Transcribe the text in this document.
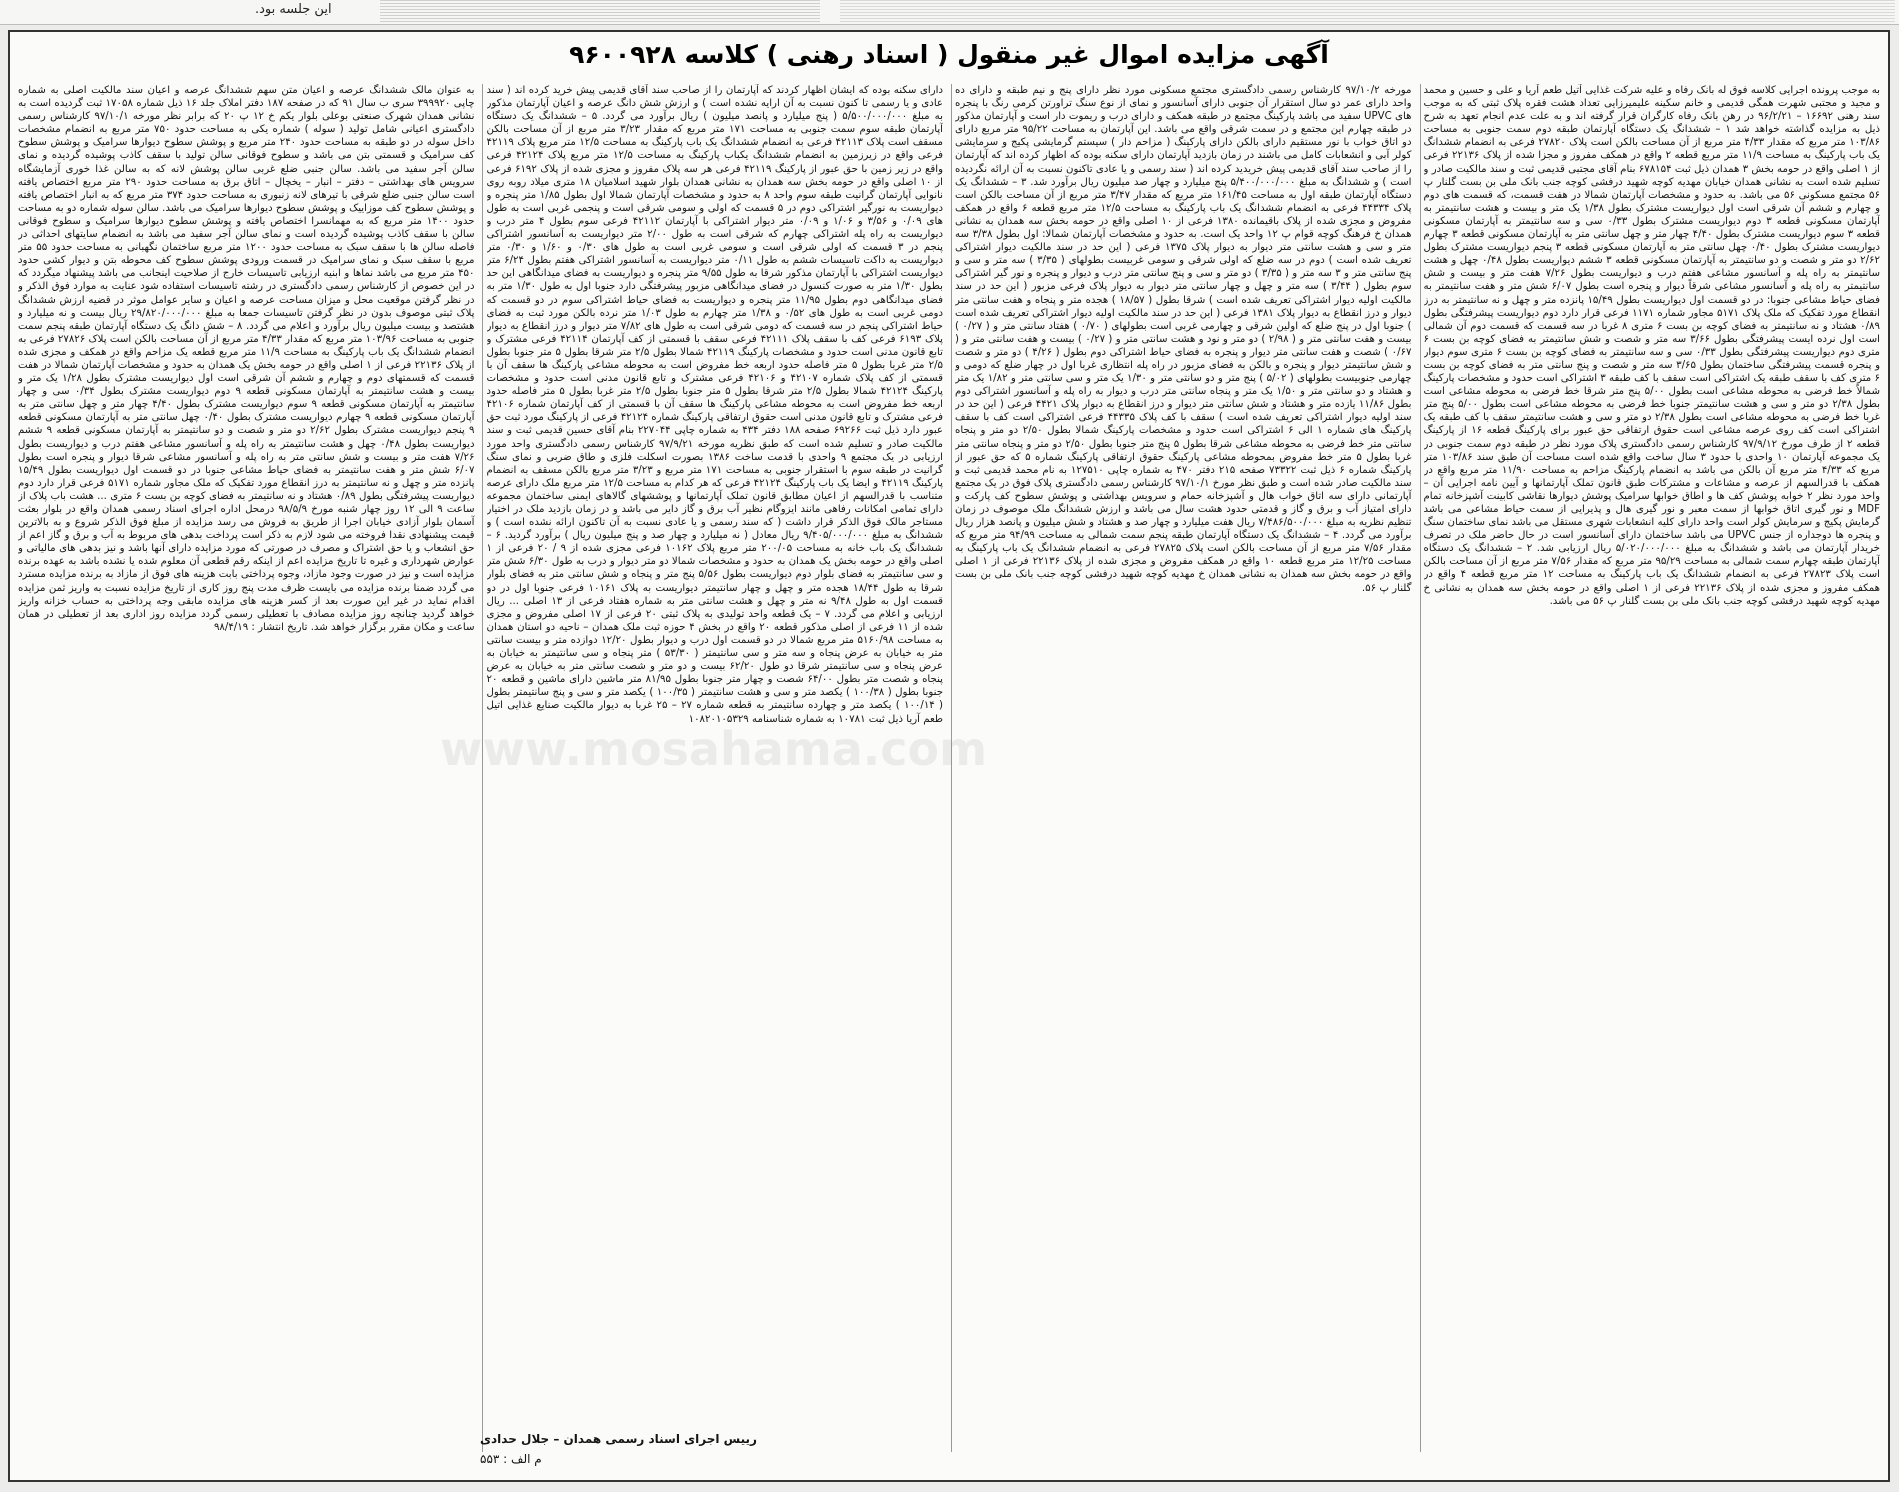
این جلسه بود.
آگهی مزایده اموال غیر منقول ( اسناد رهنی ) کلاسه ۹۶۰۰۹۲۸

به موجب پرونده اجرایی کلاسه فوق له بانک رفاه و علیه شرکت غذایی آتیل طعم آریا و علی و حسین و محمد و مجید و مجتبی شهرت همگی قدیمی و خانم سکینه علیمیرزایی تعداد هشت فقره پلاک ثبتی که به موجب سند رهنی ۱۶۶۹۲ – ۹۶/۲/۲۱ در رهن بانک رفاه کارگران قرار گرفته اند و به علت عدم انجام تعهد به شرح ذیل به مزایده گذاشته خواهد شد ۱ – ششدانگ یک دستگاه آپارتمان طبقه دوم سمت جنوبی به مساحت ۱۰۳/۸۶ متر مربع که مقدار ۴/۳۳ متر مربع از آن مساحت بالکن است پلاک ۲۷۸۲۰ فرعی به انضمام ششدانگ یک باب پارکینگ به مساحت ۱۱/۹ متر مربع قطعه ۲ واقع در همکف مفروز و مجزا شده از پلاک ۲۲۱۳۶ فرعی از ۱ اصلی واقع در حومه بخش ۳ همدان ذیل ثبت ۶۷۸۱۵۴ بنام آقای مجتبی قدیمی ثبت و سند مالکیت صادر و تسلیم شده است به نشانی همدان خیابان مهدیه کوچه شهید درفشی کوچه جنب بانک ملی بن بست گلنار پ ۵۶ مجتمع مسکونی ۵۶ می باشد. به حدود و مشخصات آپارتمان شمالا در هفت قسمت، که قسمت های دوم و چهارم و ششم آن شرقی است اول دیواریست مشترک بطول ۱/۳۸ یک متر و بیست و هشت سانتیمتر به آپارتمان مسکونی قطعه ۳ دوم دیواریست مشترک بطول ۰/۳۳ سی و سه سانتیمتر به آپارتمان مسکونی قطعه ۳ سوم دیواریست مشترک بطول ۴/۴۰ چهار متر و چهل سانتی متر به آپارتمان مسکونی قطعه ۳ چهارم دیواریست مشترک بطول ۰/۴۰ چهل سانتی متر به آپارتمان مسکونی قطعه ۳ پنجم دیواریست مشترک بطول ۲/۶۲ دو متر و شصت و دو سانتیمتر به آپارتمان مسکونی قطعه ۳ ششم دیواریست بطول ۰/۴۸ چهل و هشت سانتیمتر به راه پله و آسانسور مشاعی هفتم درب و دیواریست بطول ۷/۲۶ هفت متر و بیست و شش سانتیمتر به راه پله و آسانسور مشاعی شرقاً دیوار و پنجره است بطول ۶/۰۷ شش متر و هفت سانتیمتر به فضای حیاط مشاعی جنوبا: در دو قسمت اول دیواریست بطول ۱۵/۴۹ پانزده متر و چهل و نه سانتیمتر به درز انقطاع مورد تفکیک که ملک پلاک ۵۱۷۱ مجاور شماره ۱۱۷۱ فرعی قرار دارد دوم دیواریست پیشرفتگی بطول ۰/۸۹ هشتاد و نه سانتیمتر به فضای کوچه بن بست ۶ متری ۸ غربا در سه قسمت که قسمت دوم آن شمالی است اول نرده ایست پیشرفتگی بطول ۳/۶۶ سه متر و شصت و شش سانتیمتر به فضای کوچه بن بست ۶ متری دوم دیواریست پیشرفتگی بطول ۰/۳۳ سی و سه سانتیمتر به فضای کوچه بن بست ۶ متری سوم دیوار و پنجره قسمت پیشرفتگی ساختمان بطول ۳/۶۵ سه متر و شصت و پنج سانتی متر به فضای کوچه بن بست ۶ متری کف با سقف طبقه یک اشتراکی است سقف با کف طبقه ۳ اشتراکی است حدود و مشخصات پارکینگ شمالاً خط فرضی به محوطه مشاعی است بطول ۵/۰۰ پنج متر شرقا خط فرضی به محوطه مشاعی است بطول ۲/۳۸ دو متر و سی و هشت سانتیمتر جنوبا خط فرضی به محوطه مشاعی است بطول ۵/۰۰ پنج متر غربا خط فرضی به محوطه مشاعی است بطول ۲/۳۸ دو متر و سی و هشت سانتیمتر سقف با کف طبقه یک اشتراکی است کف روی عرصه مشاعی است حقوق ارتفاقی حق عبور برای پارکینگ قطعه ۱۶ از پارکینگ قطعه ۲ از طرف مورخ ۹۷/۹/۱۲ کارشناس رسمی دادگستری پلاک مورد نظر در طبقه دوم سمت جنوبی در یک مجموعه آپارتمان ۱۰ واحدی با حدود ۳ سال ساخت واقع شده است مساحت آن طبق سند ۱۰۳/۸۶ متر مربع که ۴/۳۳ متر مربع آن بالکن می باشد به انضمام پارکینگ مزاحم به مساحت ۱۱/۹۰ متر مربع واقع در همکف با قدرالسهم از عرصه و مشاعات و مشترکات طبق قانون تملک آپارتمانها و آیین نامه اجرایی آن – واحد مورد نظر ۲ خوابه پوشش کف ها و اطاق خوابها سرامیک پوشش دیوارها نقاشی کابینت آشپزخانه تمام MDF و نور گیری اتاق خوابها از سمت معبر و نور گیری هال و پذیرایی از سمت حیاط مشاعی می باشد گرمایش پکیج و سرمایش کولر است واحد دارای کلیه انشعابات شهری مستقل می باشد نمای ساختمان سنگ و پنجره ها دوجداره از جنس UPVC می باشد ساختمان دارای آسانسور است در حال حاضر ملک در تصرف خریدار آپارتمان می باشد و ششدانگ به مبلغ ۵/۰۲۰/۰۰۰/۰۰۰ ریال ارزیابی شد. ۲ – ششدانگ یک دستگاه آپارتمان طبقه چهارم سمت شمالی به مساحت ۹۵/۲۹ متر مربع که مقدار ۷/۵۶ متر مربع از آن مساحت بالکن است پلاک ۲۷۸۲۳ فرعی به انضمام ششدانگ یک باب پارکینگ به مساحت ۱۲ متر مربع قطعه ۴ واقع در همکف مفروز و مجزی شده از پلاک ۲۲۱۳۶ فرعی از ۱ اصلی واقع در حومه بخش سه همدان به نشانی خ مهدیه کوچه شهید درفشی کوچه جنب بانک ملی بن بست گلنار پ ۵۶ می باشد.

مورخه ۹۷/۱۰/۲ کارشناس رسمی دادگستری مجتمع مسکونی مورد نظر دارای پنج و نیم طبقه و دارای ده واحد دارای عمر دو سال استقرار آن جنوبی دارای آسانسور و نمای از نوع سنگ تراورتن کرمی رنگ با پنجره های UPVC سفید می باشد پارکینگ مجتمع در طبقه همکف و دارای درب و ریموت دار است و آپارتمان مذکور در طبقه چهارم این مجتمع و در سمت شرقی واقع می باشد. این آپارتمان به مساحت ۹۵/۲۲ متر مربع دارای دو اتاق خواب با نور مستقیم دارای بالکن دارای پارکینگ ( مزاحم دار ) سیستم گرمایشی پکیج و سرمایشی کولر آبی و انشعابات کامل می باشند در زمان بازدید آپارتمان دارای سکنه بوده که اظهار کرده اند که آپارتمان را از صاحب سند آقای قدیمی پیش خریدید کرده اند ( سند رسمی و یا عادی تاکنون نسبت به آن ارائه نگردیده است ) و ششدانگ به مبلغ ۵/۴۰۰/۰۰۰/۰۰۰ پنج میلیارد و چهار صد میلیون ریال برآورد شد. ۳ – ششدانگ یک دستگاه آپارتمان طبقه اول به مساحت ۱۶۱/۴۵ متر مربع که مقدار ۳/۴۷ متر مربع از آن مساحت بالکن است پلاک ۴۴۳۳۴ فرعی به انضمام ششدانگ یک باب پارکینگ به مساحت ۱۲/۵ متر مربع قطعه ۶ واقع در همکف مفروض و مجزی شده از پلاک باقیمانده ۱۳۸۰ فرعی از ۱۰ اصلی واقع در حومه بخش سه همدان به نشانی همدان خ فرهنگ کوچه قوام پ ۱۲ واحد یک است. به حدود و مشخصات آپارتمان شمالا: اول بطول ۳/۳۸ سه متر و سی و هشت سانتی متر دیوار به دیوار پلاک ۱۳۷۵ فرعی ( این حد در سند مالکیت دیوار اشتراکی تعریف شده است ) دوم در سه ضلع که اولی شرقی و سومی غربیست بطولهای ( ۳/۳۵ ) سه متر و سی و پنج سانتی متر و ۳ سه متر و ( ۳/۳۵ ) دو متر و سی و پنج سانتی متر درب و دیوار و پنجره و نور گیر اشتراکی سوم بطول ( ۳/۴۴ ) سه متر و چهل و چهار سانتی متر دیوار به دیوار پلاک فرعی مزبور ( این حد در سند مالکیت اولیه دیوار اشتراکی تعریف شده است ) شرقا بطول ( ۱۸/۵۷ ) هجده متر و پنجاه و هفت سانتی متر دیوار و درز انقطاع به دیوار پلاک ۱۳۸۱ فرعی ( این حد در سند مالکیت اولیه دیوار اشتراکی تعریف شده است ) جنوبا اول در پنج ضلع که اولین شرقی و چهارمی غربی است بطولهای ( ۰/۷۰ ) هفتاد سانتی متر و ( ۰/۲۷ ) بیست و هفت سانتی متر و ( ۲/۹۸ ) دو متر و نود و هشت سانتی متر و ( ۰/۲۷ ) بیست و هفت سانتی متر و ( ۰/۶۷ ) شصت و هفت سانتی متر دیوار و پنجره به فضای حیاط اشتراکی دوم بطول ( ۴/۲۶ ) دو متر و شصت و شش سانتیمتر دیوار و پنجره و بالکن به فضای مزبور در راه پله انتظاری غربا اول در چهار ضلع که دومی و چهارمی جنوبیست بطولهای ( ۵/۰۲ ) پنج متر و دو سانتی متر و ۱/۳۰ یک متر و سی سانتی متر و ۱/۸۲ یک متر و هشتاد و دو سانتی متر و ۱/۵۰ یک متر و پنجاه سانتی متر درب و دیوار به راه پله و آسانسور اشتراکی دوم بطول ۱۱/۸۶ یازده متر و هشتاد و شش سانتی متر دیوار و درز انقطاع به دیوار پلاک ۴۴۲۱ فرعی ( این حد در سند اولیه دیوار اشتراکی تعریف شده است ) سقف با کف پلاک ۴۴۳۳۵ فرعی اشتراکی است کف با سقف پارکینگ های شماره ۱ الی ۶ اشتراکی است حدود و مشخصات پارکینگ شمالا بطول ۲/۵۰ دو متر و پنجاه سانتی متر خط فرضی به محوطه مشاعی شرقا بطول ۵ پنج متر جنوبا بطول ۲/۵۰ دو متر و پنجاه سانتی متر غربا بطول ۵ متر خط مفروض بمحوطه مشاعی پارکینگ حقوق ارتفاقی پارکینگ شماره ۵ که حق عبور از پارکینگ شماره ۶ ذیل ثبت ۷۳۳۲۲ صفحه ۲۱۵ دفتر ۴۷۰ به شماره چاپی ۱۲۷۵۱۰ به نام محمد قدیمی ثبت و سند مالکیت صادر شده است و طبق نظر مورخ ۹۷/۱۰/۱ کارشناس رسمی دادگستری پلاک فوق در یک مجتمع آپارتمانی دارای سه اتاق خواب هال و آشپزخانه حمام و سرویس بهداشتی و پوشش سطوح کف پارکت و دارای امتیاز آب و برق و گاز و قدمتی حدود هشت سال می باشد و ارزش ششدانگ ملک موصوف در زمان تنظیم نظریه به مبلغ ۷/۴۸۶/۵۰۰/۰۰۰ ریال هفت میلیارد و چهار صد و هشتاد و شش میلیون و پانصد هزار ریال برآورد می گردد. ۴ – ششدانگ یک دستگاه آپارتمان طبقه پنجم سمت شمالی به مساحت ۹۴/۹۹ متر مربع که مقدار ۷/۵۶ متر مربع از آن مساحت بالکن است پلاک ۲۷۸۲۵ فرعی به انضمام ششدانگ یک باب پارکینگ به مساحت ۱۲/۲۵ متر مربع قطعه ۱۰ واقع در همکف مفروض و مجزی شده از پلاک ۲۲۱۳۶ فرعی از ۱ اصلی واقع در حومه بخش سه همدان به نشانی همدان خ مهدیه کوچه شهید درفشی کوچه جنب بانک ملی بن بست گلنار پ ۵۶.

دارای سکنه بوده که ایشان اظهار کردند که آپارتمان را از صاحب سند آقای قدیمی پیش خرید کرده اند ( سند عادی و یا رسمی تا کنون نسبت به آن ارایه نشده است ) و ارزش شش دانگ عرصه و اعیان آپارتمان مذکور به مبلغ ۵/۵۰۰/۰۰۰/۰۰۰ ( پنج میلیارد و پانصد میلیون ) ریال برآورد می گردد. ۵ – ششدانگ یک دستگاه آپارتمان طبقه سوم سمت جنوبی به مساحت ۱۷۱ متر مربع که مقدار ۳/۲۳ متر مربع از آن مساحت بالکن مسقف است پلاک ۴۲۱۱۳ فرعی به انضمام ششدانگ یک باب پارکینگ به مساحت ۱۲/۵ متر مربع پلاک ۴۲۱۱۹ فرعی واقع در زیرزمین به انضمام ششدانگ یکباب پارکینگ به مساحت ۱۲/۵ متر مربع پلاک ۴۲۱۲۴ فرعی واقع در زیر زمین با حق عبور از پارکینگ ۴۲۱۱۹ فرعی هر سه پلاک مفروز و مجزی شده از پلاک ۶۱۹۲ فرعی از ۱۰ اصلی واقع در حومه بخش سه همدان به نشانی همدان بلوار شهید اسلامیان ۱۸ متری میلاد روبه روی نانوایی آپارتمان گرانیت طبقه سوم واحد ۸ به حدود و مشخصات آپارتمان شمالا اول بطول ۱/۸۵ متر پنجره و دیواریست به نورگیر اشتراکی دوم در ۵ قسمت که اولی و سومی شرقی است و پنجمی غربی است به طول های ۰/۰۹ و ۳/۵۶ و ۱/۰۶ و ۰/۰۹ متر دیوار اشتراکی با آپارتمان ۴۲۱۱۲ فرعی سوم بطول ۴ متر درب و دیواریست به راه پله اشتراکی چهارم که شرقی است به طول ۲/۰۰ متر دیواریست به آسانسور اشتراکی پنجم در ۳ قسمت که اولی شرقی است و سومی غربی است به طول های ۰/۳۰ و ۱/۶۰ و ۰/۳۰ متر دیواریست به داکت تاسیسات ششم به طول ۰/۱۱ متر دیواریست به آسانسور اشتراکی هفتم بطول ۶/۲۴ متر دیواریست اشتراکی با آپارتمان مذکور شرقا به طول ۹/۵۵ متر پنجره و دیواریست به فضای میدانگاهی این حد بطول ۱/۳۰ متر به صورت کنسول در فضای میدانگاهی مزبور پیشرفتگی دارد جنوبا اول به طول ۱/۳۰ متر به فضای میدانگاهی دوم بطول ۱۱/۹۵ متر پنجره و دیواریست به فضای حیاط اشتراکی سوم در دو قسمت که دومی غربی است به طول های ۰/۵۲ و ۱/۳۸ متر چهارم به طول ۱/۰۳ متر نرده بالکن مورد ثبت به فضای حیاط اشتراکی پنجم در سه قسمت که دومی شرقی است به طول های ۷/۸۲ متر دیوار و درز انقطاع به دیوار پلاک ۶۱۹۳ فرعی کف با سقف پلاک ۴۲۱۱۱ فرعی سقف با قسمتی از کف آپارتمان ۴۲۱۱۴ فرعی مشترک و تابع قانون مدنی است حدود و مشخصات پارکینگ ۴۲۱۱۹ شمالا بطول ۲/۵ متر شرقا بطول ۵ متر جنوبا بطول ۲/۵ متر غربا بطول ۵ متر فاصله حدود اربعه خط مفروض است به محوطه مشاعی پارکینگ ها سقف آن با قسمتی از کف پلاک شماره ۴۲۱۰۷ و ۴۲۱۰۶ فرعی مشترک و تابع قانون مدنی است حدود و مشخصات پارکینگ ۴۲۱۲۴ شمالا بطول ۲/۵ متر شرقا بطول ۵ متر جنوبا بطول ۲/۵ متر غربا بطول ۵ متر فاصله حدود اربعه خط مفروض است به محوطه مشاعی پارکینگ ها سقف آن با قسمتی از کف آپارتمان شماره ۴۲۱۰۶ فرعی مشترک و تابع قانون مدنی است حقوق ارتفاقی پارکینگ شماره ۴۲۱۲۴ فرعی از پارکینگ مورد ثبت حق عبور دارد ذیل ثبت ۶۹۲۶۶ صفحه ۱۸۸ دفتر ۴۳۴ به شماره چاپی ۲۲۷۰۴۴ بنام آقای حسین قدیمی ثبت و سند مالکیت صادر و تسلیم شده است که طبق نظریه مورخه ۹۷/۹/۲۱ کارشناس رسمی دادگستری واحد مورد ارزیابی در یک مجتمع ۹ واحدی با قدمت ساخت ۱۳۸۶ بصورت اسکلت فلزی و طاق ضربی و نمای سنگ گرانیت در طبقه سوم با استقرار جنوبی به مساحت ۱۷۱ متر مربع و ۳/۲۳ متر مربع بالکن مسقف به انضمام پارکینگ ۴۲۱۱۹ و ایضا یک باب پارکینگ ۴۲۱۲۴ فرعی که هر کدام به مساحت ۱۲/۵ متر مربع ملک دارای عرصه متناسب با قدرالسهم از اعیان مطابق قانون تملک آپارتمانها و پوششهای گالاهای ایمنی ساختمان مجموعه دارای تمامی امکانات رفاهی مانند ایزوگام نظیر آب برق و گاز دایر می باشد و در زمان بازدید ملک در اختیار مستاجر مالک فوق الذکر قرار داشت ( که سند رسمی و یا عادی نسبت به آن تاکنون ارائه نشده است ) و ششدانگ به مبلغ ۹/۴۰۵/۰۰۰/۰۰۰ ریال معادل ( نه میلیارد و چهار صد و پنج میلیون ریال ) برآورد گردید. ۶ – ششدانگ یک باب خانه به مساحت ۲۰۰/۰۵ متر مربع پلاک ۱۰۱۶۲ فرعی مجزی شده از ۹ / ۲۰ فرعی از ۱ اصلی واقع در حومه بخش یک همدان به حدود و مشخصات شمالا دو متر دیوار و درب به طول ۶/۳۰ شش متر و سی سانتیمتر به فضای بلوار دوم دیواریست بطول ۵/۵۶ پنج متر و پنجاه و شش سانتی متر به فضای بلوار شرقا به طول ۱۸/۴۴ هجده متر و چهل و چهار سانتیمتر دیواریست به پلاک ۱۰۱۶۱ فرعی جنوبا اول در دو قسمت اول به طول ۹/۴۸ نه متر و چهل و هشت سانتی متر به شماره هفتاد فرعی از ۱۳ اصلی ... ریال ارزیابی و اعلام می گردد. ۷ – یک قطعه واحد تولیدی به پلاک ثبتی ۲۰ فرعی از ۱۷ اصلی مفروض و مجزی شده از ۱۱ فرعی از اصلی مذکور قطعه ۲۰ واقع در بخش ۴ حوزه ثبت ملک همدان – ناحیه دو استان همدان به مساحت ۵۱۶۰/۹۸ متر مربع شمالا در دو قسمت اول درب و دیوار بطول ۱۲/۲۰ دوازده متر و بیست سانتی متر به خیابان به عرض پنجاه و سه متر و سی سانتیمتر ( ۵۳/۳۰ ) متر پنجاه و سی سانتیمتر به خیابان به عرض پنجاه و سی سانتیمتر شرقا دو طول ۶۲/۲۰ بیست و دو متر و شصت سانتی متر به خیابان به عرض پنجاه و شصت متر بطول ۶۴/۰۰ شصت و چهار متر جنوبا بطول ۸۱/۹۵ متر ماشین دارای ماشین و قطعه ۲۰ جنوبا بطول ( ۱۰۰/۳۸ ) یکصد متر و سی و هشت سانتیمتر ( ۱۰۰/۳۵ ) یکصد متر و سی و پنج سانتیمتر بطول ( ۱۰۰/۱۴ ) یکصد متر و چهارده سانتیمتر به قطعه شماره ۲۷ – ۲۵ غربا به دیوار مالکیت صنایع غذایی اتیل طعم آریا ذیل ثبت ۱۰۷۸۱ به شماره شناسنامه ۱۰۸۲۰۱۰۵۳۲۹

به عنوان مالک ششدانگ عرصه و اعیان متن سهم ششدانگ عرصه و اعیان سند مالکیت اصلی به شماره چاپی ۳۹۹۹۲۰ سری ب سال ۹۱ که در صفحه ۱۸۷ دفتر املاک جلد ۱۶ ذیل شماره ۱۷۰۵۸ ثبت گردیده است به نشانی همدان شهرک صنعتی بوعلی بلوار یکم خ ۱۲ پ ۲۰ که برابر نظر مورخه ۹۷/۱۰/۱ کارشناس رسمی دادگستری اعیانی شامل تولید ( سوله ) شماره یکی به مساحت حدود ۷۵۰ متر مربع به انضمام مشخصات داخل سوله در دو طبقه به مساحت حدود ۲۴۰ متر مربع و پوشش سطوح دیوارها سرامیک و پوشش سطوح کف سرامیک و قسمتی بتن می باشد و سطوح فوقانی سالن تولید با سقف کاذب پوشیده گردیده و نمای سالن آجر سفید می باشد. سالن جنبی ضلع غربی سالن پوشش لانه که به سالن غذا خوری آزمایشگاه سرویس های بهداشتی – دفتر – انبار – یخچال – اتاق برق به مساحت حدود ۲۹۰ متر مربع اختصاص یافته است سالن جنبی ضلع شرقی با تیرهای لانه زنبوری به مساحت حدود ۳۷۴ متر مربع که به انبار اختصاص یافته و پوشش سطوح کف موزاییک و پوشش سطوح دیوارها سرامیک می باشد. سالن سوله شماره دو به مساحت حدود ۱۴۰۰ متر مربع که به مهمانسرا اختصاص یافته و پوشش سطوح دیوارها سرامیک و سطوح فوقانی سالن با سقف کاذب پوشیده گردیده است و نمای سالن آجر سفید می باشد به انضمام سایتهای احداثی در فاصله سالن ها با سقف سبک به مساحت حدود ۱۲۰۰ متر مربع ساختمان نگهبانی به مساحت حدود ۵۵ متر مربع با سقف سبک و نمای سرامیک در قسمت ورودی پوشش سطوح کف محوطه بتن و دیوار کشی حدود ۴۵۰ متر مربع می باشد نماها و ابنیه ارزیابی تاسیسات خارج از صلاحیت اینجانب می باشد پیشنهاد میگردد که در این خصوص از کارشناس رسمی دادگستری در رشته تاسیسات استفاده شود عنایت به موارد فوق الذکر و در نظر گرفتن موقعیت محل و میزان مساحت عرصه و اعیان و سایر عوامل موثر در قضیه ارزش ششدانگ پلاک ثبتی موصوف بدون در نظر گرفتن تاسیسات جمعا به مبلغ ۲۹/۸۲۰/۰۰۰/۰۰۰ ریال بیست و نه میلیارد و هشتصد و بیست میلیون ریال برآورد و اعلام می گردد. ۸ – شش دانگ یک دستگاه آپارتمان طبقه پنجم سمت جنوبی به مساحت ۱۰۳/۹۶ متر مربع که مقدار ۴/۳۳ متر مربع از آن مساحت بالکن است پلاک ۲۷۸۲۶ فرعی به انضمام ششدانگ یک باب پارکینگ به مساحت ۱۱/۹ متر مربع قطعه یک مزاحم واقع در همکف و مجزی شده از پلاک ۲۲۱۳۶ فرعی از ۱ اصلی واقع در حومه بخش یک همدان به حدود و مشخصات آپارتمان شمالا در هفت قسمت که قسمتهای دوم و چهارم و ششم آن شرقی است اول دیواریست مشترک بطول ۱/۲۸ یک متر و بیست و هشت سانتیمتر به آپارتمان مسکونی قطعه ۹ دوم دیواریست مشترک بطول ۰/۳۴ سی و چهار سانتیمتر به آپارتمان مسکونی قطعه ۹ سوم دیواریست مشترک بطول ۴/۴۰ چهار متر و چهل سانتی متر به آپارتمان مسکونی قطعه ۹ چهارم دیواریست مشترک بطول ۰/۴۰ چهل سانتی متر به آپارتمان مسکونی قطعه ۹ پنجم دیواریست مشترک بطول ۲/۶۲ دو متر و شصت و دو سانتیمتر به آپارتمان مسکونی قطعه ۹ ششم دیواریست بطول ۰/۴۸ چهل و هشت سانتیمتر به راه پله و آسانسور مشاعی هفتم درب و دیواریست بطول ۷/۲۶ هفت متر و بیست و شش سانتی متر به راه پله و آسانسور مشاعی شرقا دیوار و پنجره است بطول ۶/۰۷ شش متر و هفت سانتیمتر به فضای حیاط مشاعی جنوبا در دو قسمت اول دیواریست بطول ۱۵/۴۹ پانزده متر و چهل و نه سانتیمتر به درز انقطاع مورد تفکیک که ملک مجاور شماره ۵۱۷۱ فرعی قرار دارد دوم دیواریست پیشرفتگی بطول ۰/۸۹ هشتاد و نه سانتیمتر به فضای کوچه بن بست ۶ متری ... هشت باب پلاک از ساعت ۹ الی ۱۲ روز چهار شنبه مورخ ۹۸/۵/۹ درمحل اداره اجرای اسناد رسمی همدان واقع در بلوار بعثت آسمان بلوار آزادی خیابان اجرا از طریق به فروش می رسد مزایده از مبلغ فوق الذکر شروع و به بالاترین قیمت پیشنهادی نقدا فروخته می شود لازم به ذکر است پرداخت بدهی های مربوط به آب و برق و گاز اعم از حق انشعاب و یا حق اشتراک و مصرف در صورتی که مورد مزایده دارای آنها باشد و نیز بدهی های مالیاتی و عوارض شهرداری و غیره تا تاریخ مزایده اعم از اینکه رقم قطعی آن معلوم شده یا نشده باشد به عهده برنده مزایده است و نیز در صورت وجود مازاد، وجوه پرداختی بابت هزینه های فوق از مازاد به برنده مزایده مسترد می گردد ضمنا برنده مزایده می بایست ظرف مدت پنج روز کاری از تاریخ مزایده نسبت به واریز ثمن مزایده اقدام نماید در غیر این صورت بعد از کسر هزینه های مزایده مابقی وجه پرداختی به حساب خزانه واریز خواهد گردید چنانچه روز مزایده مصادف با تعطیلی رسمی گردد مزایده روز اداری بعد از تعطیلی در همان ساعت و مکان مقرر برگزار خواهد شد. تاریخ انتشار : ۹۸/۴/۱۹

www.mosahama.com
رییس اجرای اسناد رسمی همدان – جلال حدادی
م الف : ۵۵۳
